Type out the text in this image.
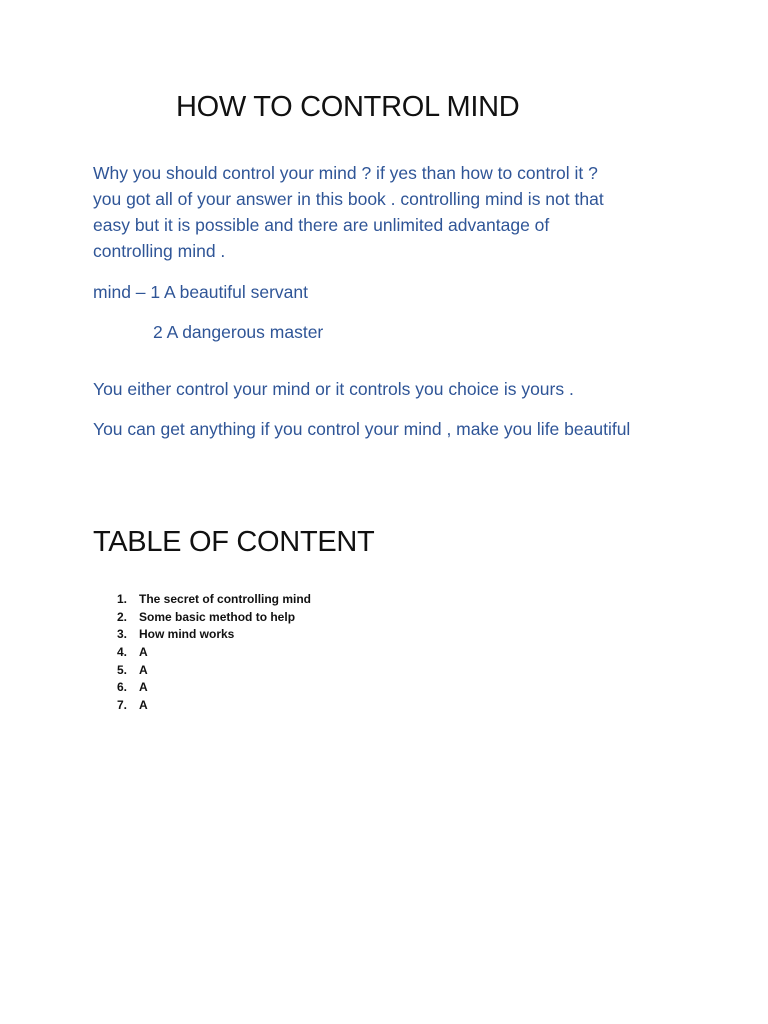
HOW TO CONTROL MIND
Why you should control your mind ? if yes than how to control it ?
you got all of your answer in this book . controlling mind is not that
easy but it is possible and there are unlimited advantage of
controlling mind .
mind – 1 A beautiful servant
2 A dangerous master
You either control your mind or it controls you choice is yours .
You can get anything if you control your mind , make you life beautiful
TABLE OF CONTENT
1.	The secret of controlling mind
2.	Some basic method to help
3.	How mind works
4.	A
5.	A
6.	A
7.	A
